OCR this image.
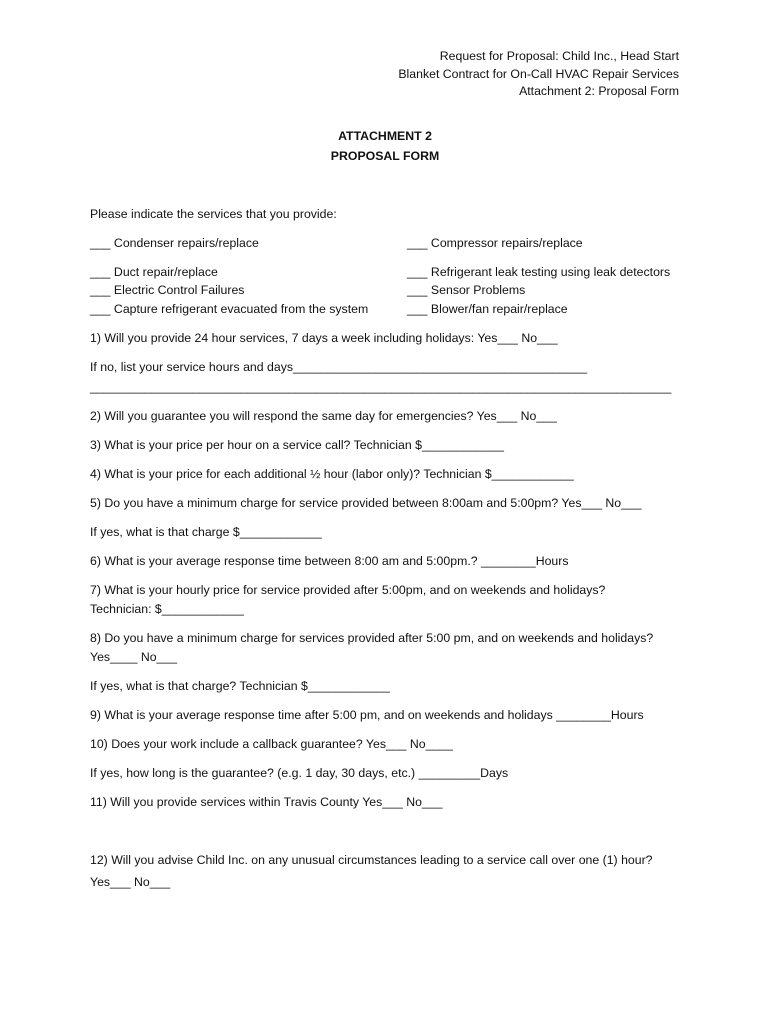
Request for Proposal: Child Inc., Head Start
Blanket Contract for On-Call HVAC Repair Services
Attachment 2: Proposal Form
ATTACHMENT 2
PROPOSAL FORM
Please indicate the services that you provide:
___ Condenser repairs/replace	___ Compressor repairs/replace
___ Duct repair/replace	___ Refrigerant leak testing using leak detectors
___ Electric Control Failures	___ Sensor Problems
___ Capture refrigerant evacuated from the system	___ Blower/fan repair/replace
1) Will you provide 24 hour services, 7 days a week including holidays: Yes___ No___
If no, list your service hours and days___________________________________________
_____________________________________________________________________________________
2) Will you guarantee you will respond the same day for emergencies? Yes___ No___
3) What is your price per hour on a service call? Technician $____________
4) What is your price for each additional ½ hour (labor only)? Technician $____________
5) Do you have a minimum charge for service provided between 8:00am and 5:00pm? Yes___ No___
If yes, what is that charge $____________
6) What is your average response time between 8:00 am and 5:00pm.? ________Hours
7) What is your hourly price for service provided after 5:00pm, and on weekends and holidays?
Technician: $____________
8) Do you have a minimum charge for services provided after 5:00 pm, and on weekends and holidays?
Yes____ No___
If yes, what is that charge? Technician $____________
9) What is your average response time after 5:00 pm, and on weekends and holidays ________Hours
10) Does your work include a callback guarantee? Yes___ No____
If yes, how long is the guarantee? (e.g. 1 day, 30 days, etc.) _________Days
11) Will you provide services within Travis County Yes___ No___
12) Will you advise Child Inc. on any unusual circumstances leading to a service call over one (1) hour?
Yes___ No___
